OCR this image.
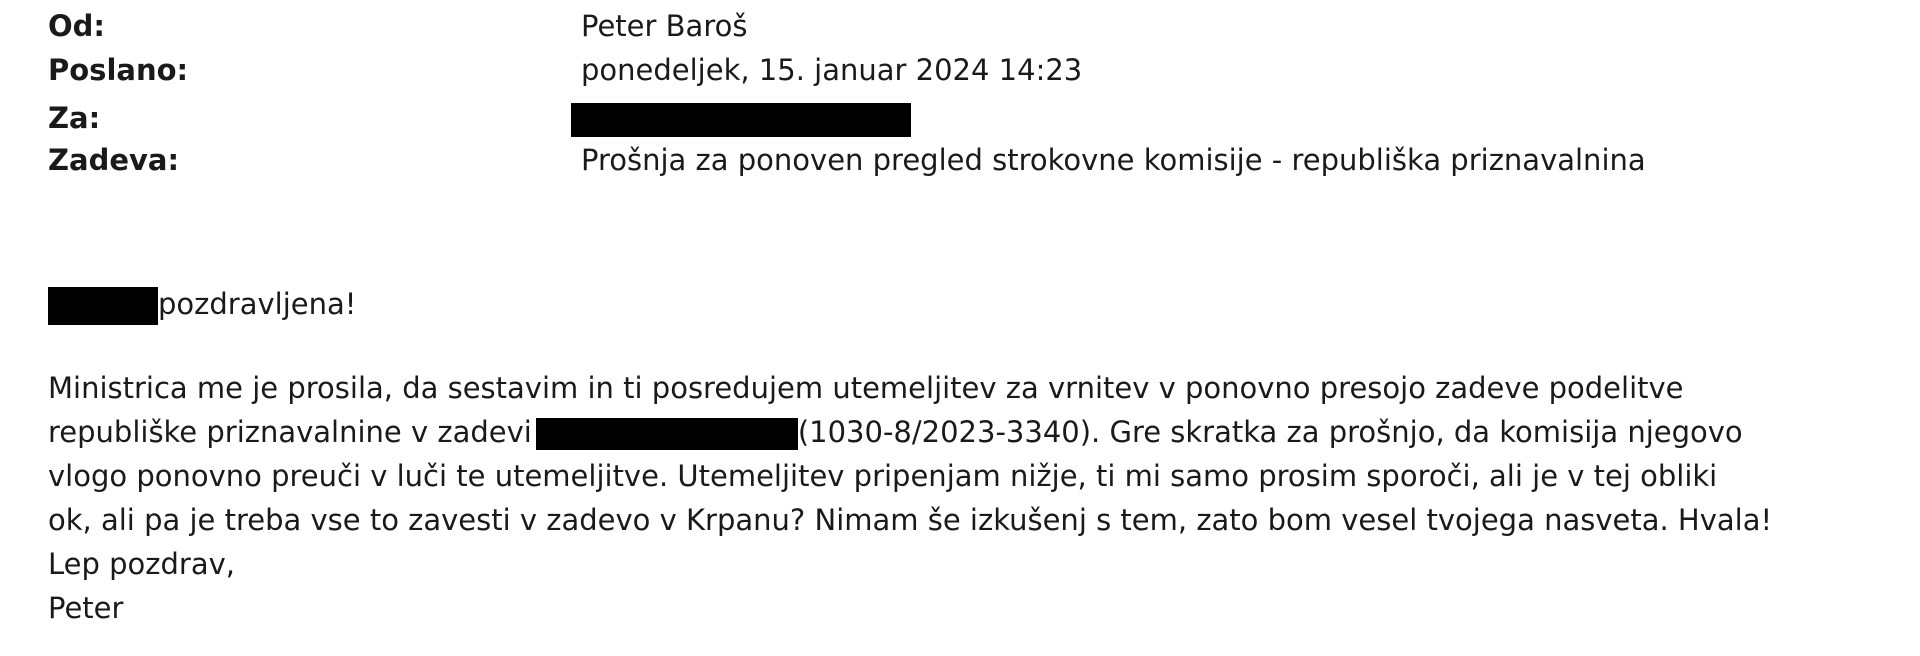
Od:	Peter Baroš
Poslano:	ponedeljek, 15. januar 2024 14:23
Za:
Zadeva:	Prošnja za ponoven pregled strokovne komisije - republiška priznavalnina
pozdravljena!
Ministrica me je prosila, da sestavim in ti posredujem utemeljitev za vrnitev v ponovno presojo zadeve podelitve
republiške priznavalnine v zadevi	(1030-8/2023-3340). Gre skratka za prošnjo, da komisija njegovo
vlogo ponovno preuči v luči te utemeljitve. Utemeljitev pripenjam nižje, ti mi samo prosim sporoči, ali je v tej obliki
ok, ali pa je treba vse to zavesti v zadevo v Krpanu? Nimam še izkušenj s tem, zato bom vesel tvojega nasveta. Hvala!
Lep pozdrav,
Peter
